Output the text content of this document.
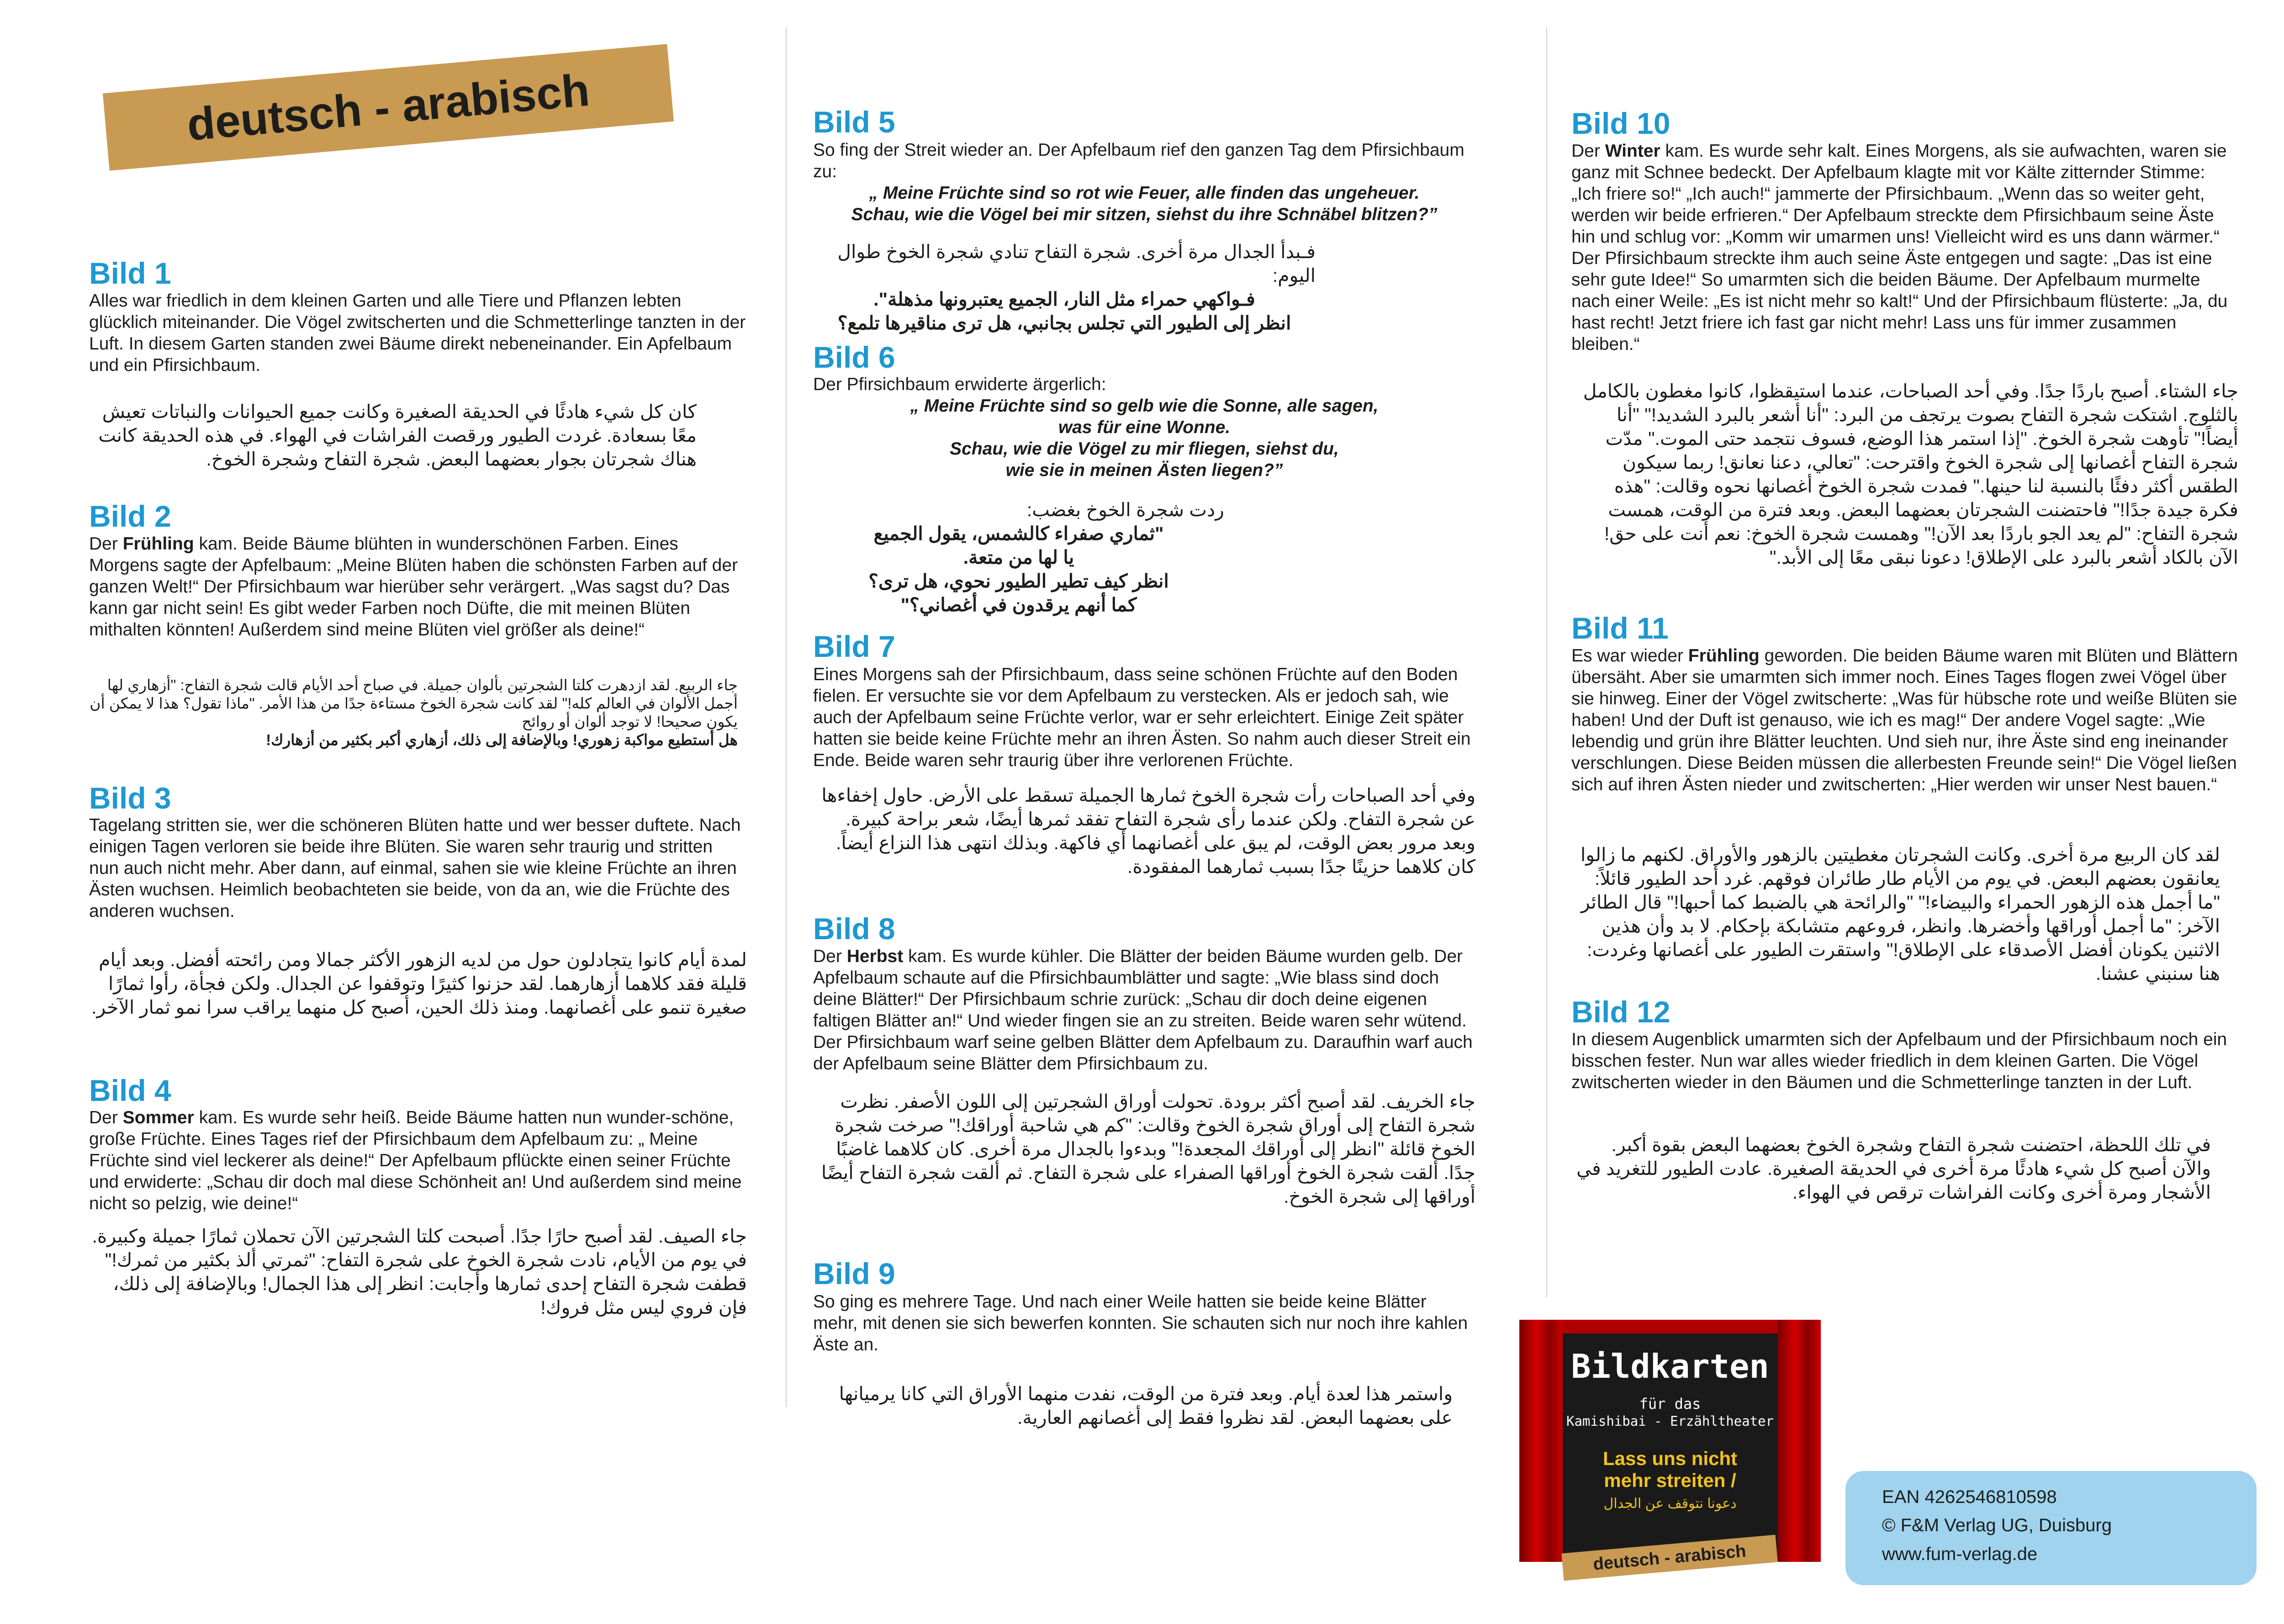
deutsch - arabisch
Bild 1

Alles war friedlich in dem kleinen Garten und alle Tiere und Pflanzen lebten glücklich miteinander. Die Vögel zwitscherten und die Schmetterlinge tanzten in der Luft. In diesem Garten standen zwei Bäume direkt nebeneinander. Ein Apfelbaum und ein Pfirsichbaum.

كان كل شيء هادئًا في الحديقة الصغيرة وكانت جميع الحيوانات والنباتات تعيش معًا بسعادة. غردت الطيور ورقصت الفراشات في الهواء. في هذه الحديقة كانت هناك شجرتان بجوار بعضهما البعض. شجرة التفاح وشجرة الخوخ.

Bild 2

Der Frühling kam. Beide Bäume blühten in wunderschönen Farben. Eines Morgens sagte der Apfelbaum: „Meine Blüten haben die schönsten Farben auf der ganzen Welt!“ Der Pfirsichbaum war hierüber sehr verärgert. „Was sagst du? Das kann gar nicht sein! Es gibt weder Farben noch Düfte, die mit meinen Blüten mithalten könnten! Außerdem sind meine Blüten viel größer als deine!“

جاء الربيع. لقد ازدهرت كلتا الشجرتين بألوان جميلة. في صباح أحد الأيام قالت شجرة التفاح: "أزهاري لها أجمل الألوان في العالم كله!" لقد كانت شجرة الخوخ مستاءة جدًا من هذا الأمر. "ماذا تقول؟ هذا لا يمكن أن يكون صحيحا! لا توجد ألوان أو روائح

هل أستطيع مواكبة زهوري! وبالإضافة إلى ذلك، أزهاري أكبر بكثير من أزهارك!

Bild 3

Tagelang stritten sie, wer die schöneren Blüten hatte und wer besser duftete. Nach einigen Tagen verloren sie beide ihre Blüten. Sie waren sehr traurig und stritten nun auch nicht mehr. Aber dann, auf einmal, sahen sie wie kleine Früchte an ihren Ästen wuchsen. Heimlich beobachteten sie beide, von da an, wie die Früchte des anderen wuchsen.

لمدة أيام كانوا يتجادلون حول من لديه الزهور الأكثر جمالا ومن رائحته أفضل. وبعد أيام قليلة فقد كلاهما أزهارهما. لقد حزنوا كثيرًا وتوقفوا عن الجدال. ولكن فجأة، رأوا ثمارًا صغيرة تنمو على أغصانهما. ومنذ ذلك الحين، أصبح كل منهما يراقب سرا نمو ثمار الآخر.

Bild 4

Der Sommer kam. Es wurde sehr heiß. Beide Bäume hatten nun wunder-schöne, große Früchte. Eines Tages rief der Pfirsichbaum dem Apfelbaum zu: „ Meine Früchte sind viel leckerer als deine!“ Der Apfelbaum pflückte einen seiner Früchte und erwiderte: „Schau dir doch mal diese Schönheit an! Und außerdem sind meine nicht so pelzig, wie deine!“

جاء الصيف. لقد أصبح حارًا جدًا. أصبحت كلتا الشجرتين الآن تحملان ثمارًا جميلة وكبيرة. في يوم من الأيام، نادت شجرة الخوخ على شجرة التفاح: "ثمرتي ألذ بكثير من ثمرك!" قطفت شجرة التفاح إحدى ثمارها وأجابت: انظر إلى هذا الجمال! وبالإضافة إلى ذلك، فإن فروي ليس مثل فروك!

Bild 5

So fing der Streit wieder an. Der Apfelbaum rief den ganzen Tag dem Pfirsichbaum zu:

„ Meine Früchte sind so rot wie Feuer, alle finden das ungeheuer.

Schau, wie die Vögel bei mir sitzen, siehst du ihre Schnäbel blitzen?”

فـبدأ الجدال مرة أخرى. شجرة التفاح تنادي شجرة الخوخ طوال اليوم:

فـواكهي حمراء مثل النار، الجميع يعتبرونها مذهلة".

انظر إلى الطيور التي تجلس بجانبي، هل ترى مناقيرها تلمع؟

Bild 6

Der Pfirsichbaum erwiderte ärgerlich:

„ Meine Früchte sind so gelb wie die Sonne, alle sagen,

was für eine Wonne.

Schau, wie die Vögel zu mir fliegen, siehst du,

wie sie in meinen Ästen liegen?”

ردت شجرة الخوخ بغضب:

"ثماري صفراء كالشمس، يقول الجميع

يا لها من متعة.

انظر كيف تطير الطيور نحوي، هل ترى؟

كما أنهم يرقدون في أغصاني؟"

Bild 7

Eines Morgens sah der Pfirsichbaum, dass seine schönen Früchte auf den Boden fielen. Er versuchte sie vor dem Apfelbaum zu verstecken. Als er jedoch sah, wie auch der Apfelbaum seine Früchte verlor, war er sehr erleichtert. Einige Zeit später hatten sie beide keine Früchte mehr an ihren Ästen. So nahm auch dieser Streit ein Ende. Beide waren sehr traurig über ihre verlorenen Früchte.

وفي أحد الصباحات رأت شجرة الخوخ ثمارها الجميلة تسقط على الأرض. حاول إخفاءها عن شجرة التفاح. ولكن عندما رأى شجرة التفاح تفقد ثمرها أيضًا، شعر براحة كبيرة. وبعد مرور بعض الوقت، لم يبق على أغصانهما أي فاكهة. وبذلك انتهى هذا النزاع أيضاً. كان كلاهما حزينًا جدًا بسبب ثمارهما المفقودة.

Bild 8

Der Herbst kam. Es wurde kühler. Die Blätter der beiden Bäume wurden gelb. Der Apfelbaum schaute auf die Pfirsichbaumblätter und sagte: „Wie blass sind doch deine Blätter!“ Der Pfirsichbaum schrie zurück: „Schau dir doch deine eigenen faltigen Blätter an!“ Und wieder fingen sie an zu streiten. Beide waren sehr wütend. Der Pfirsichbaum warf seine gelben Blätter dem Apfelbaum zu. Daraufhin warf auch der Apfelbaum seine Blätter dem Pfirsichbaum zu.

جاء الخريف. لقد أصبح أكثر برودة. تحولت أوراق الشجرتين إلى اللون الأصفر. نظرت شجرة التفاح إلى أوراق شجرة الخوخ وقالت: "كم هي شاحبة أوراقك!" صرخت شجرة الخوخ قائلة "انظر إلى أوراقك المجعدة!" وبدءوا بالجدال مرة أخرى. كان كلاهما غاضبًا جدًا. ألقت شجرة الخوخ أوراقها الصفراء على شجرة التفاح. ثم ألقت شجرة التفاح أيضًا أوراقها إلى شجرة الخوخ.

Bild 9

So ging es mehrere Tage. Und nach einer Weile hatten sie beide keine Blätter mehr, mit denen sie sich bewerfen konnten. Sie schauten sich nur noch ihre kahlen Äste an.

واستمر هذا لعدة أيام. وبعد فترة من الوقت، نفدت منهما الأوراق التي كانا يرميانها على بعضهما البعض. لقد نظروا فقط إلى أغصانهم العارية.

Bild 10

Der Winter kam. Es wurde sehr kalt. Eines Morgens, als sie aufwachten, waren sie ganz mit Schnee bedeckt. Der Apfelbaum klagte mit vor Kälte zitternder Stimme: „Ich friere so!“ „Ich auch!“ jammerte der Pfirsichbaum. „Wenn das so weiter geht, werden wir beide erfrieren.“ Der Apfelbaum streckte dem Pfirsichbaum seine Äste hin und schlug vor: „Komm wir umarmen uns! Vielleicht wird es uns dann wärmer.“ Der Pfirsichbaum streckte ihm auch seine Äste entgegen und sagte: „Das ist eine sehr gute Idee!“ So umarmten sich die beiden Bäume. Der Apfelbaum murmelte nach einer Weile: „Es ist nicht mehr so kalt!“ Und der Pfirsichbaum flüsterte: „Ja, du hast recht! Jetzt friere ich fast gar nicht mehr! Lass uns für immer zusammen bleiben.“

جاء الشتاء. أصبح باردًا جدًا. وفي أحد الصباحات، عندما استيقظوا، كانوا مغطون بالكامل بالثلوج. اشتكت شجرة التفاح بصوت يرتجف من البرد: "أنا أشعر بالبرد الشديد!" "أنا أيضاً!" تأوهت شجرة الخوخ. "إذا استمر هذا الوضع، فسوف نتجمد حتى الموت." مدّت شجرة التفاح أغصانها إلى شجرة الخوخ واقترحت: "تعالي، دعنا نعانق! ربما سيكون الطقس أكثر دفئًا بالنسبة لنا حينها." فمدت شجرة الخوخ أغصانها نحوه وقالت: "هذه فكرة جيدة جدًا!" فاحتضنت الشجرتان بعضهما البعض. وبعد فترة من الوقت، همست شجرة التفاح: "لم يعد الجو باردًا بعد الآن!" وهمست شجرة الخوخ: نعم أنت على حق! الآن بالكاد أشعر بالبرد على الإطلاق! دعونا نبقى معًا إلى الأبد."

Bild 11

Es war wieder Frühling geworden. Die beiden Bäume waren mit Blüten und Blättern übersäht. Aber sie umarmten sich immer noch. Eines Tages flogen zwei Vögel über sie hinweg. Einer der Vögel zwitscherte: „Was für hübsche rote und weiße Blüten sie haben! Und der Duft ist genauso, wie ich es mag!“ Der andere Vogel sagte: „Wie lebendig und grün ihre Blätter leuchten. Und sieh nur, ihre Äste sind eng ineinander verschlungen. Diese Beiden müssen die allerbesten Freunde sein!“ Die Vögel ließen sich auf ihren Ästen nieder und zwitscherten: „Hier werden wir unser Nest bauen.“

لقد كان الربيع مرة أخرى. وكانت الشجرتان مغطيتين بالزهور والأوراق. لكنهم ما زالوا يعانقون بعضهم البعض. في يوم من الأيام طار طائران فوقهم. غرد أحد الطيور قائلاً: "ما أجمل هذه الزهور الحمراء والبيضاء!" "والرائحة هي بالضبط كما أحبها!" قال الطائر الآخر: "ما أجمل أوراقها وأخضرها. وانظر، فروعهم متشابكة بإحكام. لا بد وأن هذين الاثنين يكونان أفضل الأصدقاء على الإطلاق!" واستقرت الطيور على أغصانها وغردت: هنا سنبني عشنا.

Bild 12

In diesem Augenblick umarmten sich der Apfelbaum und der Pfirsichbaum noch ein bisschen fester. Nun war alles wieder friedlich in dem kleinen Garten. Die Vögel zwitscherten wieder in den Bäumen und die Schmetterlinge tanzten in der Luft.

في تلك اللحظة، احتضنت شجرة التفاح وشجرة الخوخ بعضهما البعض بقوة أكبر. والآن أصبح كل شيء هادئًا مرة أخرى في الحديقة الصغيرة. عادت الطيور للتغريد في الأشجار ومرة أخرى وكانت الفراشات ترقص في الهواء.

Bildkarten
für das
Kamishibai - Erzähltheater
Lass uns nicht
mehr streiten /
دعونا نتوقف عن الجدال
deutsch - arabisch
EAN 4262546810598
© F&M Verlag UG, Duisburg
www.fum-verlag.de
